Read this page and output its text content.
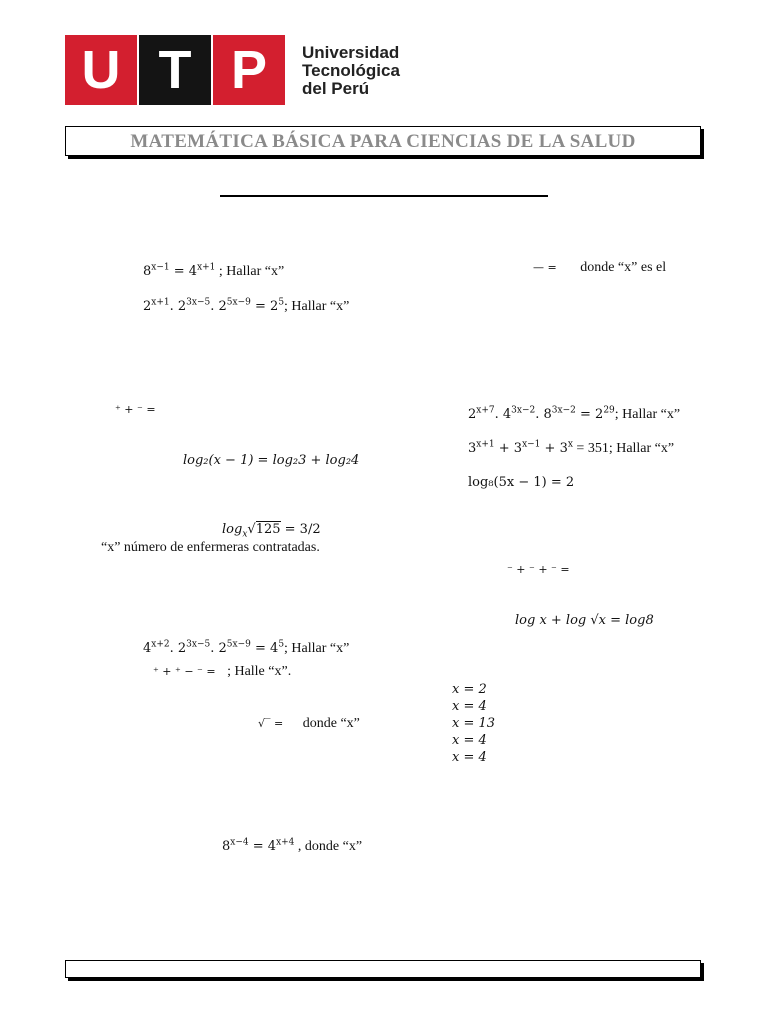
U T P	Universidad
Tecnológica
del Perú
MATEMÁTICA BÁSICA PARA CIENCIAS DE LA SALUD
$8^{x-1} = 4^{x+1}$ ; Hallar “x”
$2^{x+1}$. $2^{3x-5}$. $2^{5x-9} = 2^5$; Hallar “x”
⁺ + ⁻ =
log₂(x − 1) = log₂3 + log₂4
$\log_x√125 = 3/2$
“x” número de enfermeras contratadas.
$4^{x+2}$. $2^{3x-5}$. $2^{5x-9} = 4^5$; Hallar “x”
⁺ + ⁺ − ⁻ = ; Halle “x”.
√‾ = donde “x”
$8^{x-4} = 4^{x+4}$ , donde “x”
— = donde “x” es el
$2^{x+7}$. $4^{3x-2}$. $8^{3x-2} = 2^{29}$; Hallar “x”
$3^{x+1} + 3^{x-1} + 3^x = 351$; Hallar “x”
log₈(5x − 1) = 2
⁻ + ⁻ + ⁻ =
log x + log √x = log8
x = 2
x = 4
x = 13
x = 4
x = 4
